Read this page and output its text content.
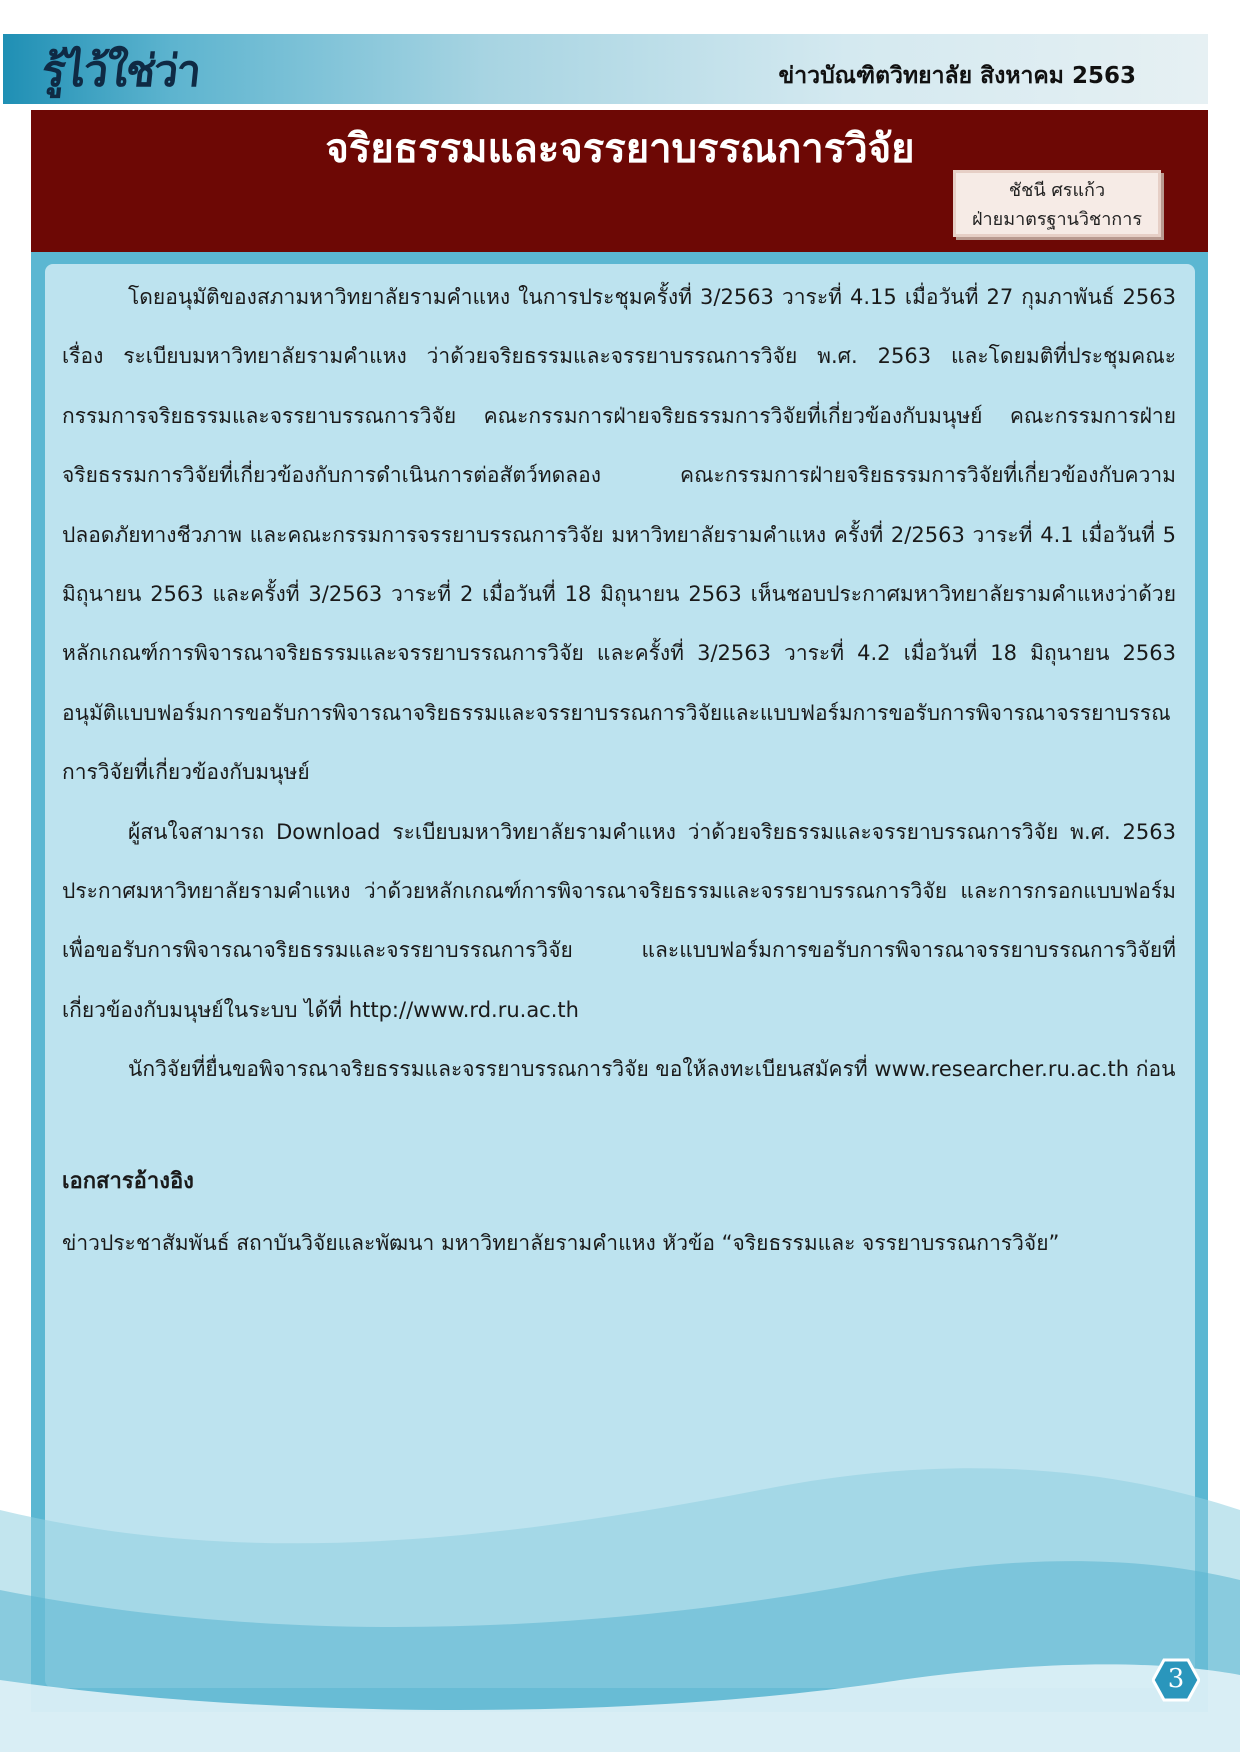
รู้ไว้ใช่ว่า	ข่าวบัณฑิตวิทยาลัย สิงหาคม 2563
จริยธรรมและจรรยาบรรณการวิจัย
ชัชนี ศรแก้ว
ฝ่ายมาตรฐานวิชาการ

โดยอนุมัติของสภามหาวิทยาลัยรามคำแหง ในการประชุมครั้งที่ 3/2563 วาระที่ 4.15 เมื่อวันที่ 27 กุมภาพันธ์ 2563 เรื่อง ระเบียบมหาวิทยาลัยรามคำแหง ว่าด้วยจริยธรรมและจรรยาบรรณการวิจัย พ.ศ. 2563 และโดยมติที่ประชุมคณะกรรมการจริยธรรมและจรรยาบรรณการวิจัย คณะกรรมการฝ่ายจริยธรรมการวิจัยที่เกี่ยวข้องกับมนุษย์ คณะกรรมการฝ่ายจริยธรรมการวิจัยที่เกี่ยวข้องกับการดำเนินการต่อสัตว์ทดลอง คณะกรรมการฝ่ายจริยธรรมการวิจัยที่เกี่ยวข้องกับความปลอดภัยทางชีวภาพ และคณะกรรมการจรรยาบรรณการวิจัย มหาวิทยาลัยรามคำแหง ครั้งที่ 2/2563 วาระที่ 4.1 เมื่อวันที่ 5 มิถุนายน 2563 และครั้งที่ 3/2563 วาระที่ 2 เมื่อวันที่ 18 มิถุนายน 2563 เห็นชอบประกาศมหาวิทยาลัยรามคำแหงว่าด้วยหลักเกณฑ์การพิจารณาจริยธรรมและจรรยาบรรณการวิจัย และครั้งที่ 3/2563 วาระที่ 4.2 เมื่อวันที่ 18 มิถุนายน 2563 อนุมัติแบบฟอร์มการขอรับการพิจารณาจริยธรรมและจรรยาบรรณการวิจัยและแบบฟอร์มการขอรับการพิจารณาจรรยาบรรณการวิจัยที่เกี่ยวข้องกับมนุษย์

ผู้สนใจสามารถ Download ระเบียบมหาวิทยาลัยรามคำแหง ว่าด้วยจริยธรรมและจรรยาบรรณการวิจัย พ.ศ. 2563 ประกาศมหาวิทยาลัยรามคำแหง ว่าด้วยหลักเกณฑ์การพิจารณาจริยธรรมและจรรยาบรรณการวิจัย และการกรอกแบบฟอร์มเพื่อขอรับการพิจารณาจริยธรรมและจรรยาบรรณการวิจัย และแบบฟอร์มการขอรับการพิจารณาจรรยาบรรณการวิจัยที่เกี่ยวข้องกับมนุษย์ในระบบ ได้ที่ http://www.rd.ru.ac.th

นักวิจัยที่ยื่นขอพิจารณาจริยธรรมและจรรยาบรรณการวิจัย ขอให้ลงทะเบียนสมัครที่ www.researcher.ru.ac.th ก่อน

เอกสารอ้างอิง
ข่าวประชาสัมพันธ์ สถาบันวิจัยและพัฒนา มหาวิทยาลัยรามคำแหง หัวข้อ “จริยธรรมและ จรรยาบรรณการวิจัย”
3
